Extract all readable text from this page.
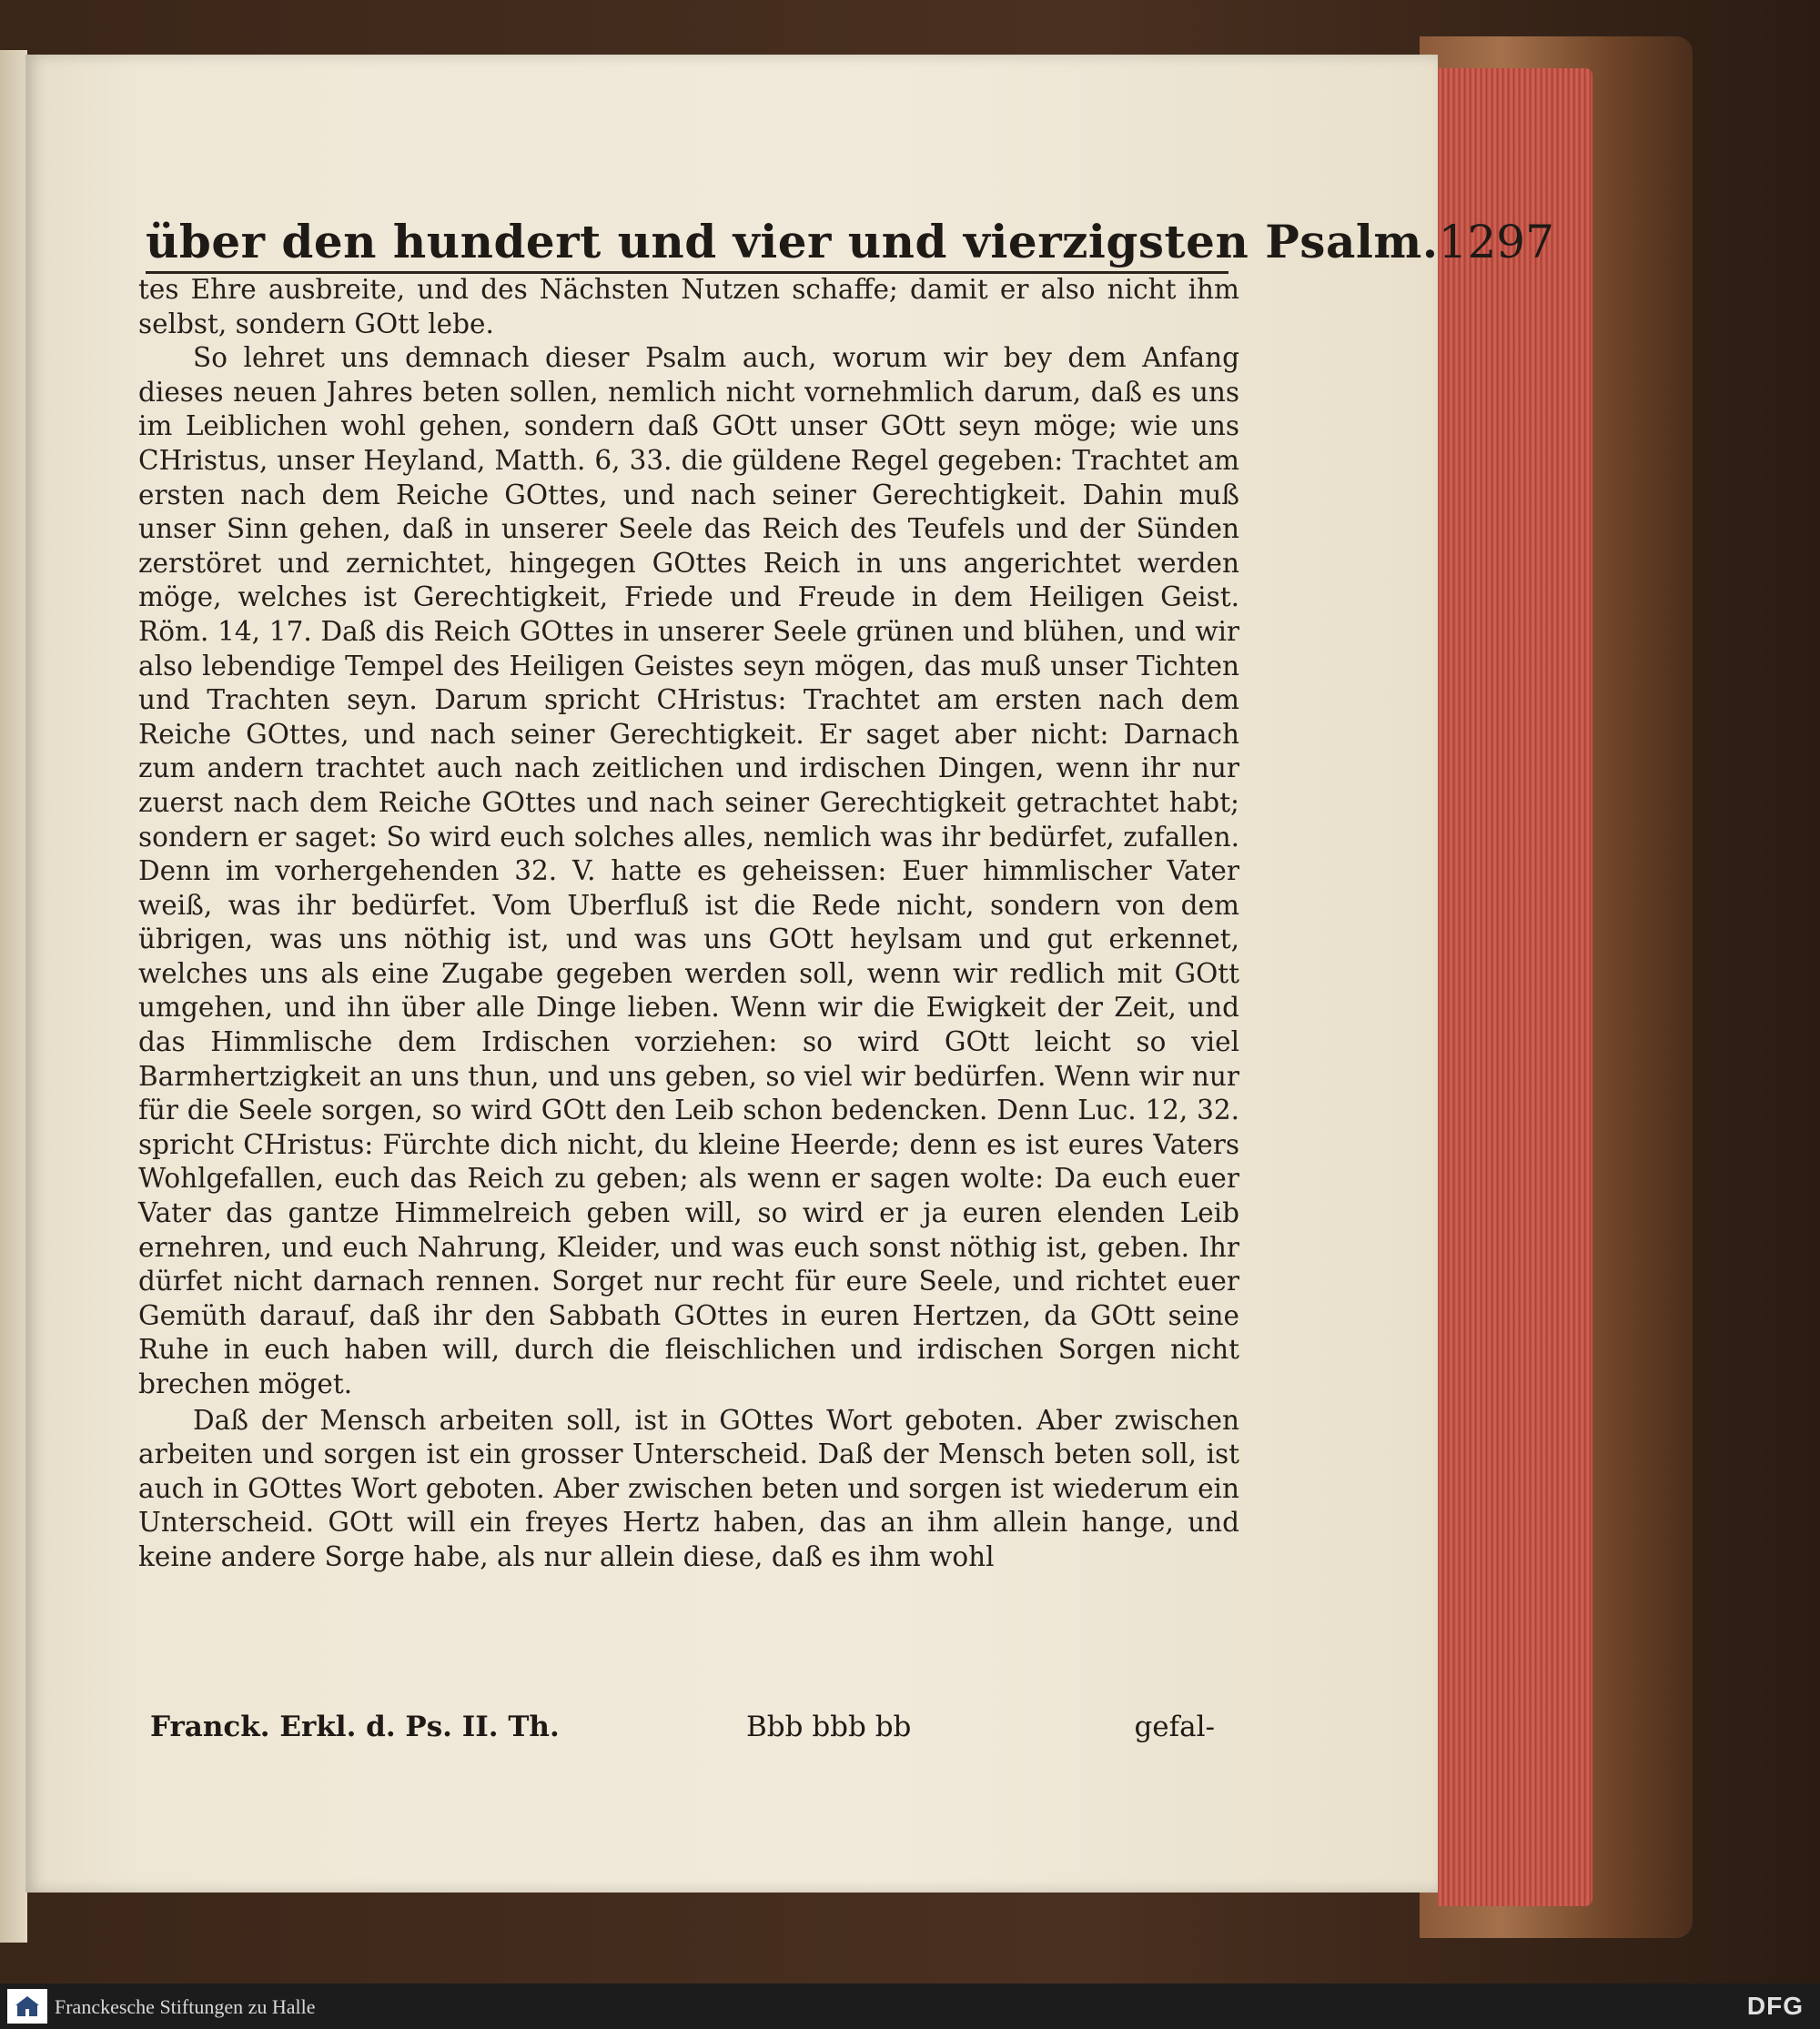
über den hundert und vier und vierzigsten Psalm. 1297

tes Ehre ausbreite, und des Nächsten Nutzen schaffe; damit er also nicht ihm selbst, sondern GOtt lebe.

So lehret uns demnach dieser Psalm auch, worum wir bey dem Anfang dieses neuen Jahres beten sollen, nemlich nicht vornehmlich darum, daß es uns im Leiblichen wohl gehen, sondern daß GOtt unser GOtt seyn möge; wie uns CHristus, unser Heyland, Matth. 6, 33. die güldene Regel gegeben: Trachtet am ersten nach dem Reiche GOttes, und nach seiner Gerechtigkeit. Dahin muß unser Sinn gehen, daß in unserer Seele das Reich des Teufels und der Sünden zerstöret und zernichtet, hingegen GOttes Reich in uns angerichtet werden möge, welches ist Gerechtigkeit, Friede und Freude in dem Heiligen Geist. Röm. 14, 17. Daß dis Reich GOttes in unserer Seele grünen und blühen, und wir also lebendige Tempel des Heiligen Geistes seyn mögen, das muß unser Tichten und Trachten seyn. Darum spricht CHristus: Trachtet am ersten nach dem Reiche GOttes, und nach seiner Gerechtigkeit. Er saget aber nicht: Darnach zum andern trachtet auch nach zeitlichen und irdischen Dingen, wenn ihr nur zuerst nach dem Reiche GOttes und nach seiner Gerechtigkeit getrachtet habt; sondern er saget: So wird euch solches alles, nemlich was ihr bedürfet, zufallen. Denn im vorhergehenden 32. V. hatte es geheissen: Euer himmlischer Vater weiß, was ihr bedürfet. Vom Uberfluß ist die Rede nicht, sondern von dem übrigen, was uns nöthig ist, und was uns GOtt heylsam und gut erkennet, welches uns als eine Zugabe gegeben werden soll, wenn wir redlich mit GOtt umgehen, und ihn über alle Dinge lieben. Wenn wir die Ewigkeit der Zeit, und das Himmlische dem Irdischen vorziehen: so wird GOtt leicht so viel Barmhertzigkeit an uns thun, und uns geben, so viel wir bedürfen. Wenn wir nur für die Seele sorgen, so wird GOtt den Leib schon bedencken. Denn Luc. 12, 32. spricht CHristus: Fürchte dich nicht, du kleine Heerde; denn es ist eures Vaters Wohlgefallen, euch das Reich zu geben; als wenn er sagen wolte: Da euch euer Vater das gantze Himmelreich geben will, so wird er ja euren elenden Leib ernehren, und euch Nahrung, Kleider, und was euch sonst nöthig ist, geben. Ihr dürfet nicht darnach rennen. Sorget nur recht für eure Seele, und richtet euer Gemüth darauf, daß ihr den Sabbath GOttes in euren Hertzen, da GOtt seine Ruhe in euch haben will, durch die fleischlichen und irdischen Sorgen nicht brechen möget.

Daß der Mensch arbeiten soll, ist in GOttes Wort geboten. Aber zwischen arbeiten und sorgen ist ein grosser Unterscheid. Daß der Mensch beten soll, ist auch in GOttes Wort geboten. Aber zwischen beten und sorgen ist wiederum ein Unterscheid. GOtt will ein freyes Hertz haben, das an ihm allein hange, und keine andere Sorge habe, als nur allein diese, daß es ihm wohl

Franck. Erkl. d. Ps. II. Th.	Bbb bbb bb	gefal-
Franckesche Stiftungen zu Halle	DFG
